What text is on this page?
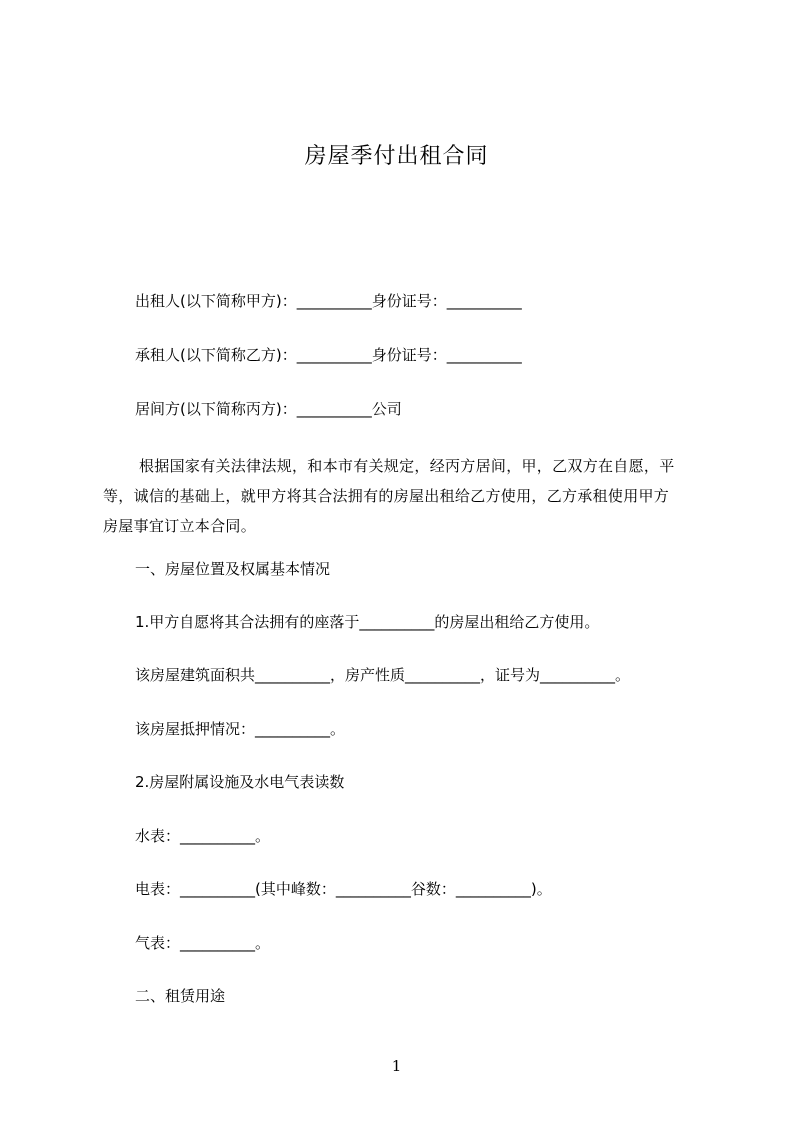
房屋季付出租合同
出租人(以下简称甲方)：__________身份证号：__________
承租人(以下简称乙方)：__________身份证号：__________
居间方(以下简称丙方)：__________公司
根据国家有关法律法规，和本市有关规定，经丙方居间，甲，乙双方在自愿，平
等，诚信的基础上，就甲方将其合法拥有的房屋出租给乙方使用，乙方承租使用甲方
房屋事宜订立本合同。
一、房屋位置及权属基本情况
1.甲方自愿将其合法拥有的座落于__________的房屋出租给乙方使用。
该房屋建筑面积共__________，房产性质__________，证号为__________。
该房屋抵押情况：__________。
2.房屋附属设施及水电气表读数
水表：__________。
电表：__________(其中峰数：__________谷数：__________)。
气表：__________。
二、租赁用途
1
